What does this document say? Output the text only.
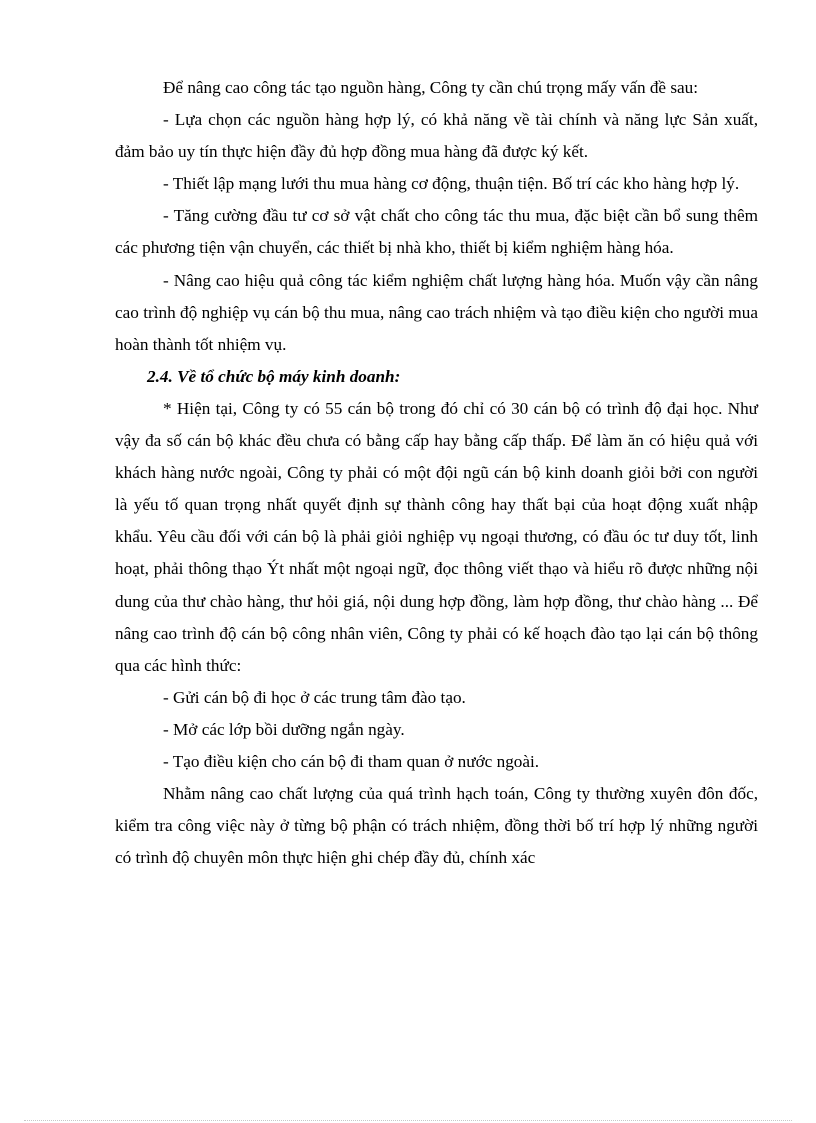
Để nâng cao công tác tạo nguồn hàng, Công ty cần chú trọng mấy vấn đề sau:

- Lựa chọn các nguồn hàng hợp lý, có khả năng về tài chính và năng lực Sản xuất, đảm bảo uy tín thực hiện đầy đủ hợp đồng mua hàng đã được ký kết.

- Thiết lập mạng lưới thu mua hàng cơ động, thuận tiện. Bố trí các kho hàng hợp lý.

- Tăng cường đầu tư cơ sở vật chất cho công tác thu mua, đặc biệt cần bổ sung thêm các phương tiện vận chuyển, các thiết bị nhà kho, thiết bị kiểm nghiệm hàng hóa.

- Nâng cao hiệu quả công tác kiểm nghiệm chất lượng hàng hóa. Muốn vậy cần nâng cao trình độ nghiệp vụ cán bộ thu mua, nâng cao trách nhiệm và tạo điều kiện cho người mua hoàn thành tốt nhiệm vụ.

2.4. Về tổ chức bộ máy kinh doanh:

* Hiện tại, Công ty có 55 cán bộ trong đó chỉ có 30 cán bộ có trình độ đại học. Như vậy đa số cán bộ khác đều chưa có bằng cấp hay bằng cấp thấp. Để làm ăn có hiệu quả với khách hàng nước ngoài, Công ty phải có một đội ngũ cán bộ kinh doanh giỏi bởi con người là yếu tố quan trọng nhất quyết định sự thành công hay thất bại của hoạt động xuất nhập khẩu. Yêu cầu đối với cán bộ là phải giỏi nghiệp vụ ngoại thương, có đầu óc tư duy tốt, linh hoạt, phải thông thạo Ýt nhất một ngoại ngữ, đọc thông viết thạo và hiểu rõ được những nội dung của thư chào hàng, thư hỏi giá, nội dung hợp đồng, làm hợp đồng, thư chào hàng ... Để nâng cao trình độ cán bộ công nhân viên, Công ty phải có kế hoạch đào tạo lại cán bộ thông qua các hình thức:

- Gửi cán bộ đi học ở các trung tâm đào tạo.

- Mở các lớp bồi dưỡng ngắn ngày.

- Tạo điều kiện cho cán bộ đi tham quan ở nước ngoài.

Nhằm nâng cao chất lượng của quá trình hạch toán, Công ty thường xuyên đôn đốc, kiểm tra công việc này ở từng bộ phận có trách nhiệm, đồng thời bố trí hợp lý những người có trình độ chuyên môn thực hiện ghi chép đầy đủ, chính xác
